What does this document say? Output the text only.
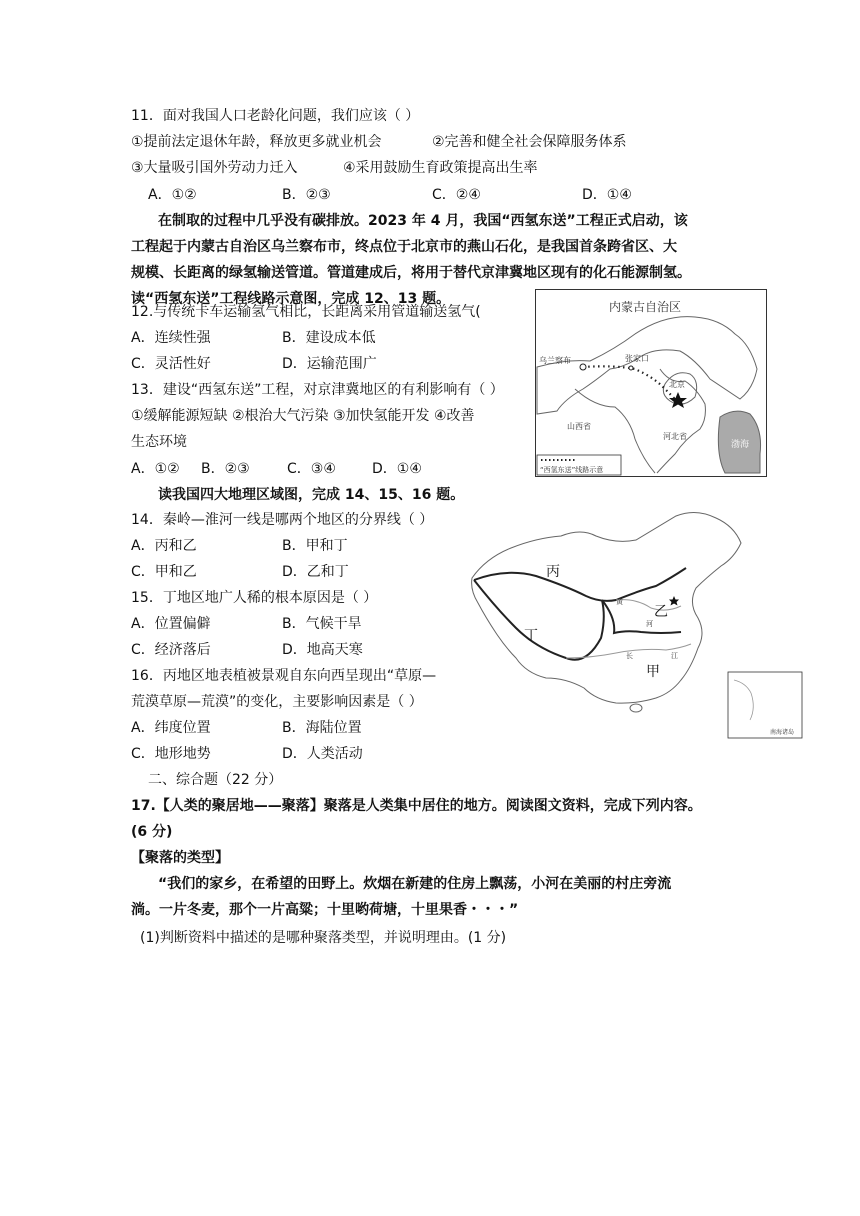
11．面对我国人口老龄化问题，我们应该（ ）
①提前法定退休年龄，释放更多就业机会	②完善和健全社会保障服务体系
③大量吸引国外劳动力迁入	④采用鼓励生育政策提高出生率
A．①②	B．②③	C．②④	D．①④
在制取的过程中几乎没有碳排放。2023 年 4 月，我国“西氢东送”工程正式启动，该
工程起于内蒙古自治区乌兰察布市，终点位于北京市的燕山石化，是我国首条跨省区、大
规模、长距离的绿氢输送管道。管道建成后，将用于替代京津冀地区现有的化石能源制氢。
读“西氢东送”工程线路示意图，完成 12、13 题。
12.与传统卡车运输氢气相比，长距离采用管道输送氢气(
A．连续性强	B．建设成本低
C．灵活性好	D．运输范围广
13．建设“西氢东送”工程，对京津冀地区的有利影响有（ ）
①缓解能源短缺 ②根治大气污染 ③加快氢能开发 ④改善
生态环境
A．①② B．②③	C．③④	D．①④
内蒙古自治区
乌兰察布	张家口
北京
山西省
河北省
渤海
“西氢东送”线路示意
读我国四大地理区域图，完成 14、15、16 题。
14．秦岭—淮河一线是哪两个地区的分界线（ ）
A．丙和乙	B．甲和丁
C．甲和乙	D．乙和丁
15．丁地区地广人稀的根本原因是（ ）
A．位置偏僻	B．气候干旱
C．经济落后	D．地高天寒
16．丙地区地表植被景观自东向西呈现出“草原—
荒漠草原—荒漠”的变化，主要影响因素是（ ）
A．纬度位置	B．海陆位置
C．地形地势	D．人类活动
丙
乙
丁
甲
黄
河
长	江
南海诸岛
二、综合题（22 分）
17.【人类的聚居地——聚落】聚落是人类集中居住的地方。阅读图文资料，完成下列内容。
(6 分)
【聚落的类型】
“我们的家乡，在希望的田野上。炊烟在新建的住房上飘荡，小河在美丽的村庄旁流
淌。一片冬麦，那个一片高粱；十里哟荷塘，十里果香・・・”
(1)判断资料中描述的是哪种聚落类型，并说明理由。(1 分)
